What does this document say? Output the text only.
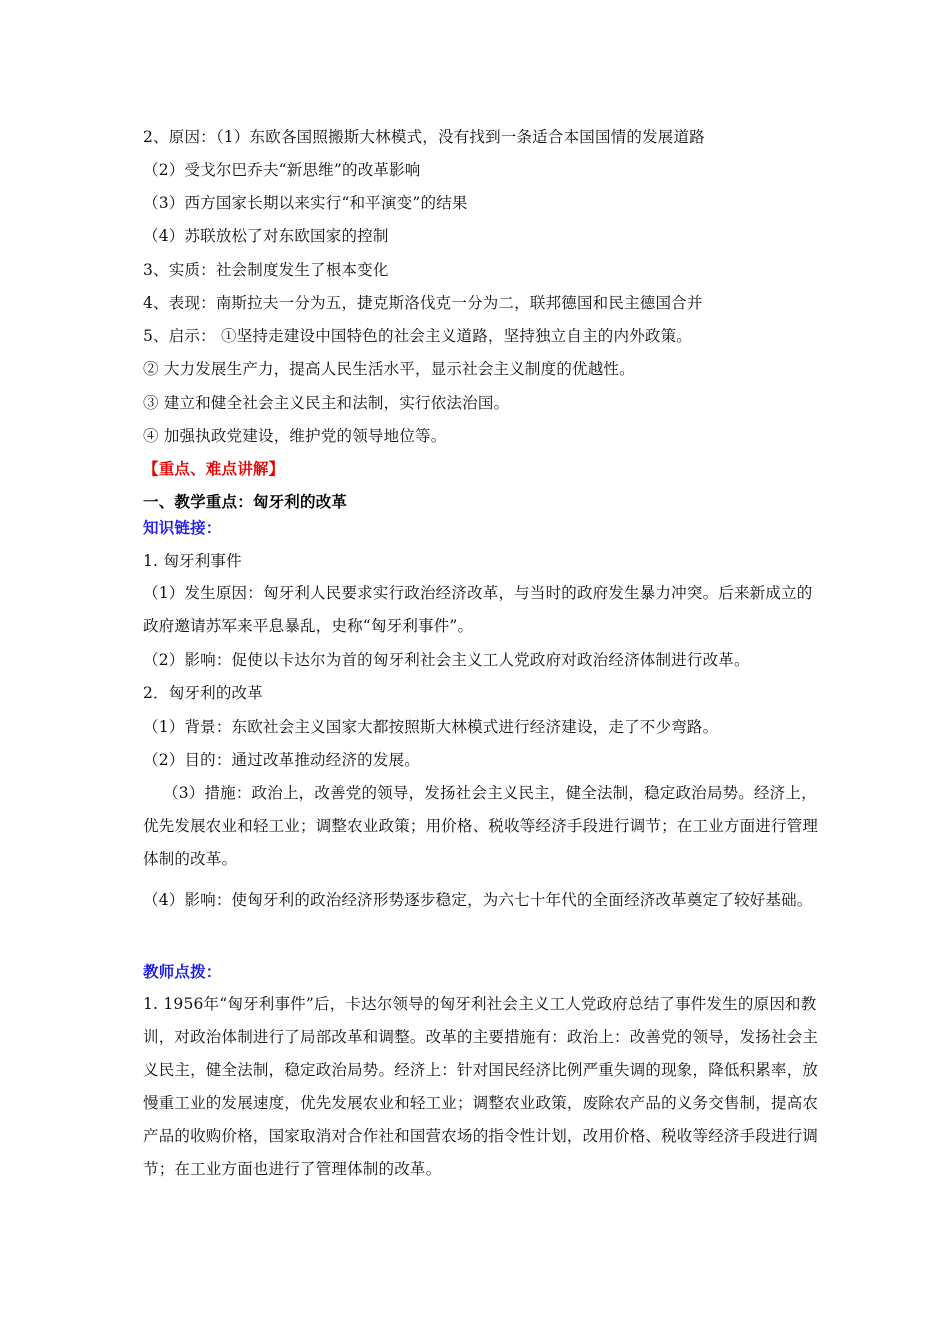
2、原因：（1）东欧各国照搬斯大林模式，没有找到一条适合本国国情的发展道路
（2）受戈尔巴乔夫“新思维”的改革影响
（3）西方国家长期以来实行“和平演变”的结果
（4）苏联放松了对东欧国家的控制
3、实质：社会制度发生了根本变化
4、表现：南斯拉夫一分为五，捷克斯洛伐克一分为二，联邦德国和民主德国合并
5、启示： ①坚持走建设中国特色的社会主义道路，坚持独立自主的内外政策。
② 大力发展生产力，提高人民生活水平，显示社会主义制度的优越性。
③ 建立和健全社会主义民主和法制，实行依法治国。
④ 加强执政党建设，维护党的领导地位等。
【重点、难点讲解】
一、教学重点：匈牙利的改革
知识链接：
1. 匈牙利事件
（1）发生原因：匈牙利人民要求实行政治经济改革，与当时的政府发生暴力冲突。后来新成立的政府邀请苏军来平息暴乱，史称“匈牙利事件”。
（2）影响：促使以卡达尔为首的匈牙利社会主义工人党政府对政治经济体制进行改革。
2．匈牙利的改革
（1）背景：东欧社会主义国家大都按照斯大林模式进行经济建设，走了不少弯路。
（2）目的：通过改革推动经济的发展。
（3）措施：政治上，改善党的领导，发扬社会主义民主，健全法制，稳定政治局势。经济上，优先发展农业和轻工业；调整农业政策；用价格、税收等经济手段进行调节；在工业方面进行管理体制的改革。
（4）影响：使匈牙利的政治经济形势逐步稳定，为六七十年代的全面经济改革奠定了较好基础。
教师点拨：
1. 1956年“匈牙利事件”后，卡达尔领导的匈牙利社会主义工人党政府总结了事件发生的原因和教训，对政治体制进行了局部改革和调整。改革的主要措施有：政治上：改善党的领导，发扬社会主义民主，健全法制，稳定政治局势。经济上：针对国民经济比例严重失调的现象，降低积累率，放慢重工业的发展速度，优先发展农业和轻工业；调整农业政策，废除农产品的义务交售制，提高农产品的收购价格，国家取消对合作社和国营农场的指令性计划，改用价格、税收等经济手段进行调节；在工业方面也进行了管理体制的改革。
